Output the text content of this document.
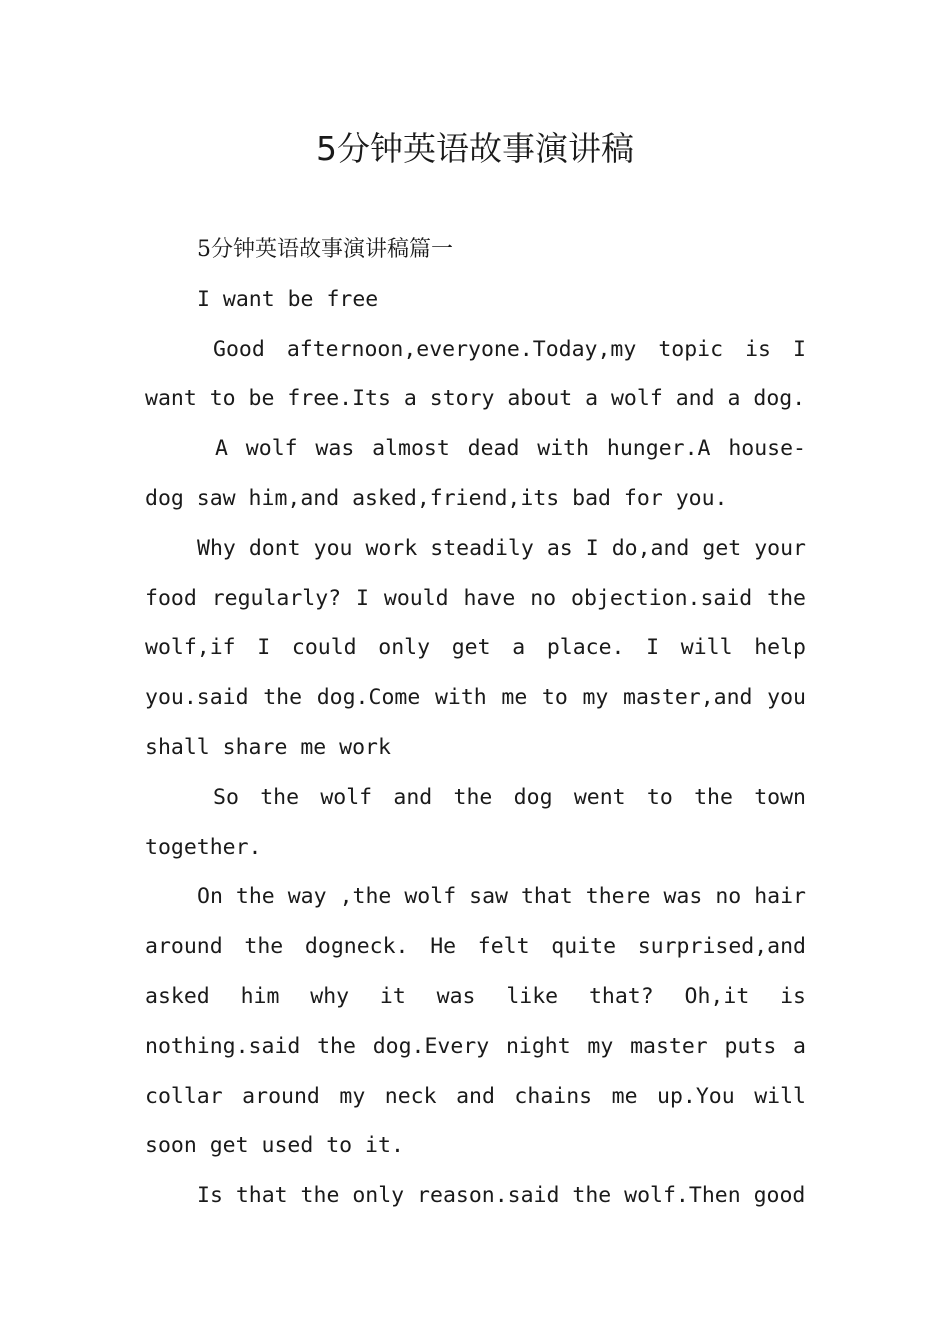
5分钟英语故事演讲稿

5分钟英语故事演讲稿篇一

I want be free

Good afternoon,everyone.Today,my topic is I want to be free.Its a story about a wolf and a dog.

A wolf was almost dead with hunger.A house-dog saw him,and asked,friend,its bad for you.

Why dont you work steadily as I do,and get your food regularly? I would have no objection.said the wolf,if I could only get a place. I will help you.said the dog.Come with me to my master,and you shall share me work

So the wolf and the dog went to the town together.

On the way ,the wolf saw that there was no hair around the dogneck. He felt quite surprised,and asked him why it was like that? Oh,it is nothing.said the dog.Every night my master puts a collar around my neck and chains me up.You will soon get used to it.

Is that the only reason.said the wolf.Then good
